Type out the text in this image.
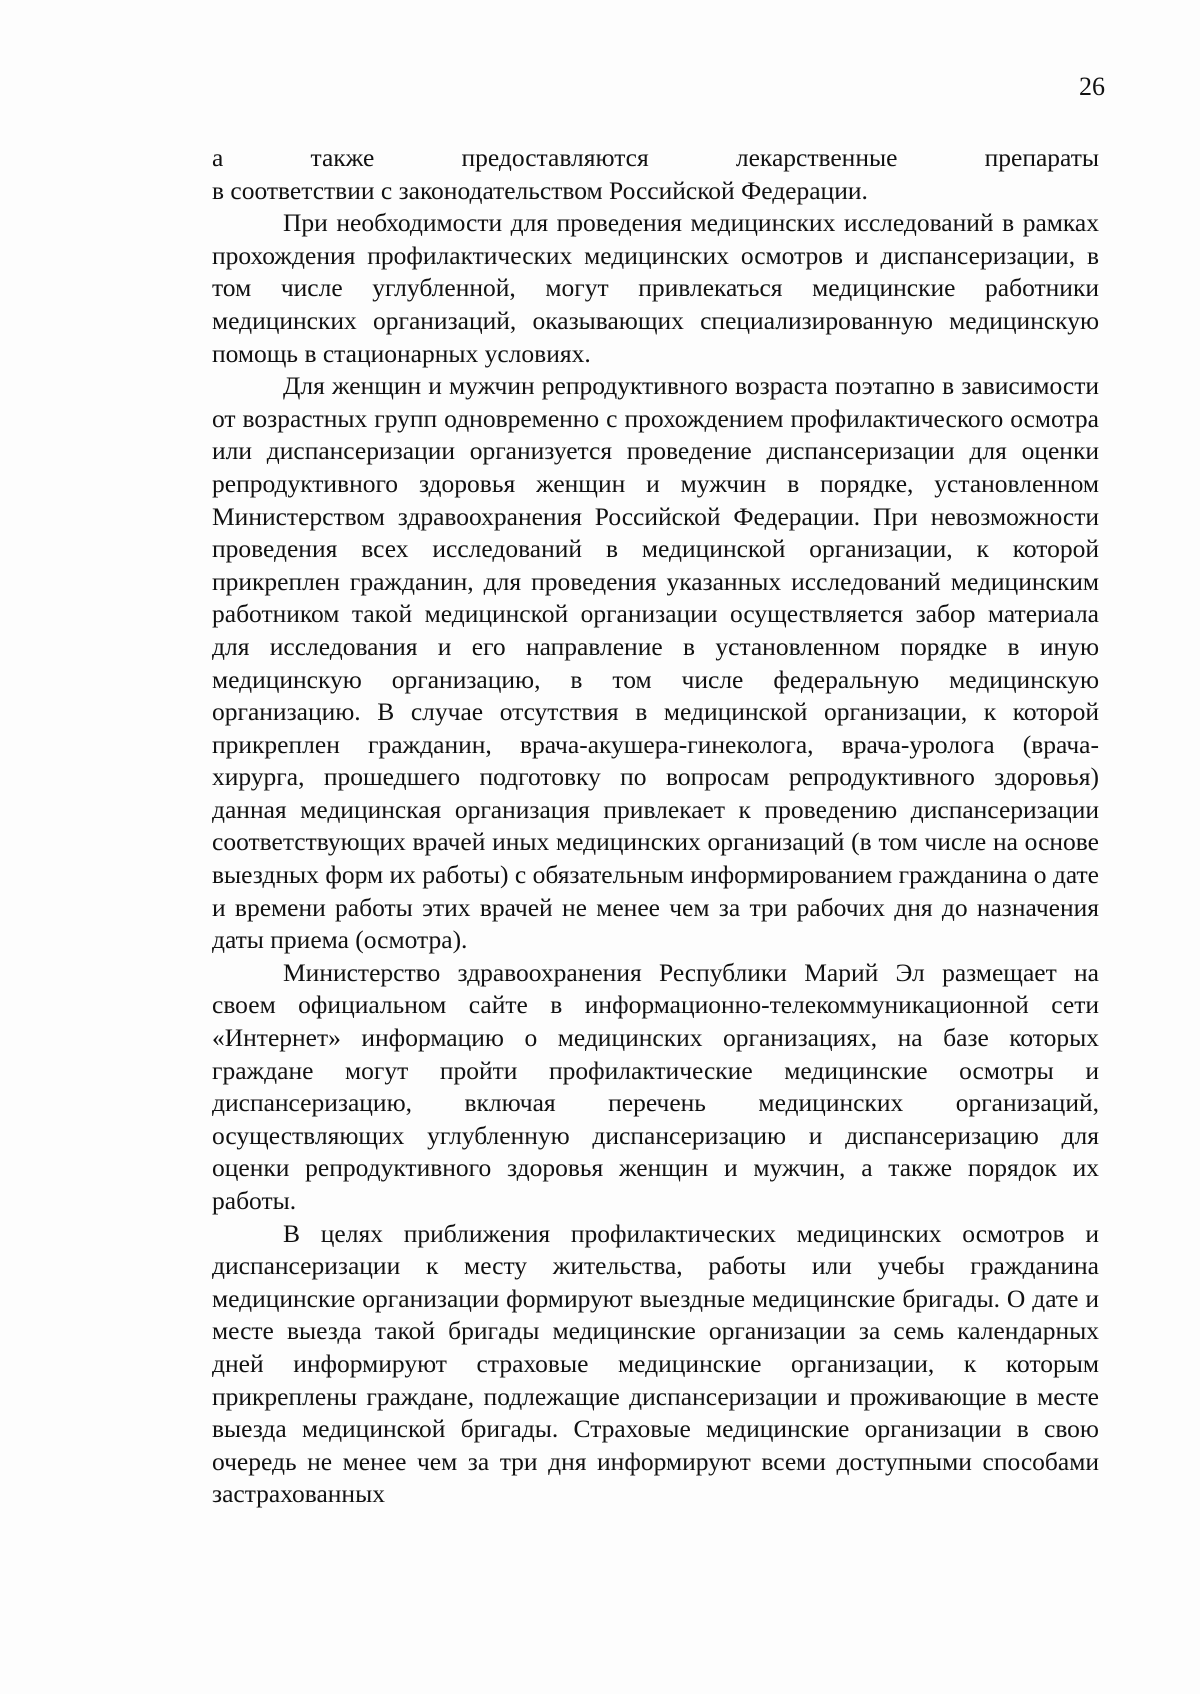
26

а также предоставляются лекарственные препараты
в соответствии с законодательством Российской Федерации.

При необходимости для проведения медицинских исследований в рамках прохождения профилактических медицинских осмотров и диспансеризации, в том числе углубленной, могут привлекаться медицинские работники медицинских организаций, оказывающих специализированную медицинскую помощь в стационарных условиях.

Для женщин и мужчин репродуктивного возраста поэтапно в зависимости от возрастных групп одновременно с прохождением профилактического осмотра или диспансеризации организуется проведение диспансеризации для оценки репродуктивного здоровья женщин и мужчин в порядке, установленном Министерством здравоохранения Российской Федерации. При невозможности проведения всех исследований в медицинской организации, к которой прикреплен гражданин, для проведения указанных исследований медицинским работником такой медицинской организации осуществляется забор материала для исследования и его направление в установленном порядке в иную медицинскую организацию, в том числе федеральную медицинскую организацию. В случае отсутствия в медицинской организации, к которой прикреплен гражданин, врача-акушера-гинеколога, врача-уролога (врача-хирурга, прошедшего подготовку по вопросам репродуктивного здоровья) данная медицинская организация привлекает к проведению диспансеризации соответствующих врачей иных медицинских организаций (в том числе на основе выездных форм их работы) с обязательным информированием гражданина о дате и времени работы этих врачей не менее чем за три рабочих дня до назначения даты приема (осмотра).

Министерство здравоохранения Республики Марий Эл размещает на своем официальном сайте в информационно-телекоммуникационной сети «Интернет» информацию о медицинских организациях, на базе которых граждане могут пройти профилактические медицинские осмотры и диспансеризацию, включая перечень медицинских организаций, осуществляющих углубленную диспансеризацию и диспансеризацию для оценки репродуктивного здоровья женщин и мужчин, а также порядок их работы.

В целях приближения профилактических медицинских осмотров и диспансеризации к месту жительства, работы или учебы гражданина медицинские организации формируют выездные медицинские бригады. О дате и месте выезда такой бригады медицинские организации за семь календарных дней информируют страховые медицинские организации, к которым прикреплены граждане, подлежащие диспансеризации и проживающие в месте выезда медицинской бригады. Страховые медицинские организации в свою очередь не менее чем за три дня информируют всеми доступными способами застрахованных
